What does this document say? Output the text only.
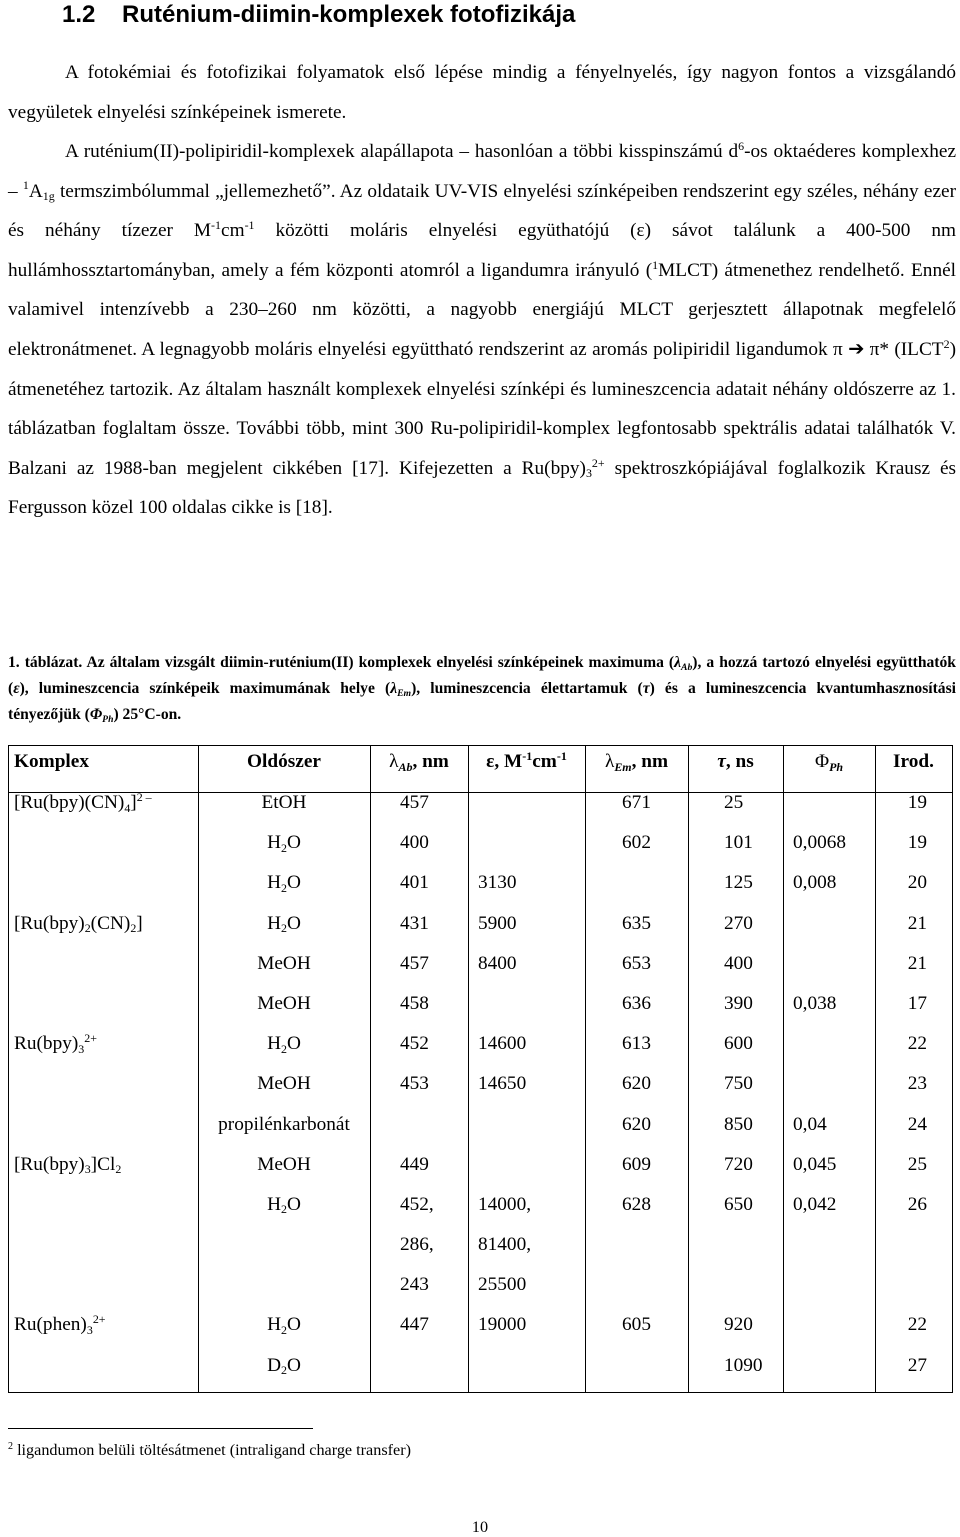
1.2 Ruténium-diimin-komplexek fotofizikája

A fotokémiai és fotofizikai folyamatok első lépése mindig a fényelnyelés, így nagyon fontos a vizsgálandó vegyületek elnyelési színképeinek ismerete.

A ruténium(II)-polipiridil-komplexek alapállapota – hasonlóan a többi kisspinszámú $d^6-os$ oktaéderes komplexhez – $^1A_{1g}$ termszimbólummal „jellemezhető”. Az oldataik UV-VIS elnyelési színképeiben rendszerint egy széles, néhány ezer és néhány tízezer $M^{-1}cm^{-1}$ közötti moláris elnyelési együthatójú (ε) sávot találunk a 400-500 nm hullámhossztartományban, amely a fém központi atomról a ligandumra irányuló ($^1$MLCT) átmenethez rendelhető. Ennél valamivel intenzívebb a 230–260 nm közötti, a nagyobb energiájú MLCT gerjesztett állapotnak megfelelő elektronátmenet. A legnagyobb moláris elnyelési együttható rendszerint az aromás polipiridil ligandumok π ➔ π* (ILCT$^2$) átmenetéhez tartozik. Az általam használt komplexek elnyelési színképi és lumineszcencia adatait néhány oldószerre az 1. táblázatban foglaltam össze. További több, mint 300 Ru-polipiridil-komplex legfontosabb spektrális adatai találhatók V. Balzani az 1988-ban megjelent cikkében [17]. Kifejezetten a $Ru(bpy)_3^{2+}$ spektroszkópiájával foglalkozik Krausz és Fergusson közel 100 oldalas cikke is [18].

1. táblázat. Az általam vizsgált diimin-ruténium(II) komplexek elnyelési színképeinek maximuma $(\lambda_{Ab})$, a hozzá tartozó elnyelési együtthatók (ε), lumineszcencia színképeik maximumának helye $(\lambda_{Em})$, lumineszcencia élettartamuk (τ) és a lumineszcencia kvantumhasznosítási tényezőjük $(\Phi_{Ph})$ 25°C-on.

Komplex	Oldószer	$\lambda_{Ab}$, nm	ε, $M^{-1}cm^{-1}$	$\lambda_{Em}$, nm	τ, ns	$\Phi_{Ph}$	Irod.
$[Ru(bpy)(CN)_4]^{2 -}$	EtOH	457		671	25		19
	$H_2O$	400		602	101	0,0068	19
	$H_2O$	401	3130		125	0,008	20
$[Ru(bpy)_2(CN)_2]$	$H_2O$	431	5900	635	270		21
	MeOH	457	8400	653	400		21
	MeOH	458		636	390	0,038	17
$Ru(bpy)_3^{2+}$	$H_2O$	452	14600	613	600		22
	MeOH	453	14650	620	750		23
	propilénkarbonát			620	850	0,04	24
$[Ru(bpy)_3]Cl_2$	MeOH	449		609	720	0,045	25
	$H_2O$	452,	14000,	628	650	0,042	26
		286,	81400,				
		243	25500				
$Ru(phen)_3^{2+}$	$H_2O$	447	19000	605	920		22
	$D_2O$				1090		27

$^2$ ligandumon belüli töltésátmenet (intraligand charge transfer)

10
